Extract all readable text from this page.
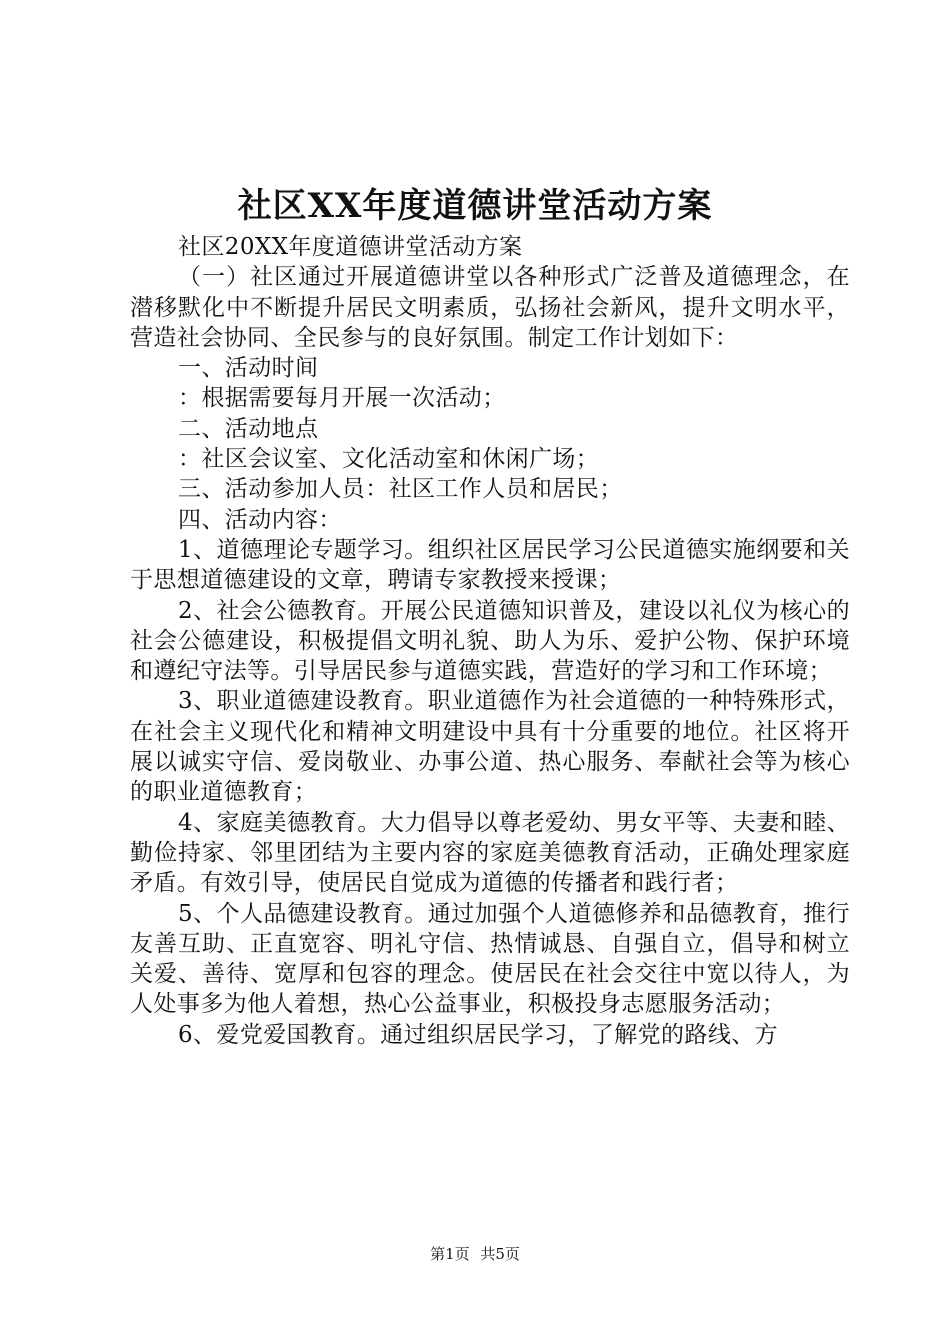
社区XX年度道德讲堂活动方案

社区20XX年度道德讲堂活动方案

（一）社区通过开展道德讲堂以各种形式广泛普及道德理念，在潜移默化中不断提升居民文明素质，弘扬社会新风，提升文明水平，营造社会协同、全民参与的良好氛围。制定工作计划如下：

一、活动时间

：根据需要每月开展一次活动；

二、活动地点

：社区会议室、文化活动室和休闲广场；

三、活动参加人员：社区工作人员和居民；

四、活动内容：

1、道德理论专题学习。组织社区居民学习公民道德实施纲要和关于思想道德建设的文章，聘请专家教授来授课；

2、社会公德教育。开展公民道德知识普及，建设以礼仪为核心的社会公德建设，积极提倡文明礼貌、助人为乐、爱护公物、保护环境和遵纪守法等。引导居民参与道德实践，营造好的学习和工作环境；

3、职业道德建设教育。职业道德作为社会道德的一种特殊形式，在社会主义现代化和精神文明建设中具有十分重要的地位。社区将开展以诚实守信、爱岗敬业、办事公道、热心服务、奉献社会等为核心的职业道德教育；

4、家庭美德教育。大力倡导以尊老爱幼、男女平等、夫妻和睦、勤俭持家、邻里团结为主要内容的家庭美德教育活动，正确处理家庭矛盾。有效引导，使居民自觉成为道德的传播者和践行者；

5、个人品德建设教育。通过加强个人道德修养和品德教育，推行友善互助、正直宽容、明礼守信、热情诚恳、自强自立，倡导和树立关爱、善待、宽厚和包容的理念。使居民在社会交往中宽以待人，为人处事多为他人着想，热心公益事业，积极投身志愿服务活动；

6、爱党爱国教育。通过组织居民学习，了解党的路线、方

第1页 共5页
